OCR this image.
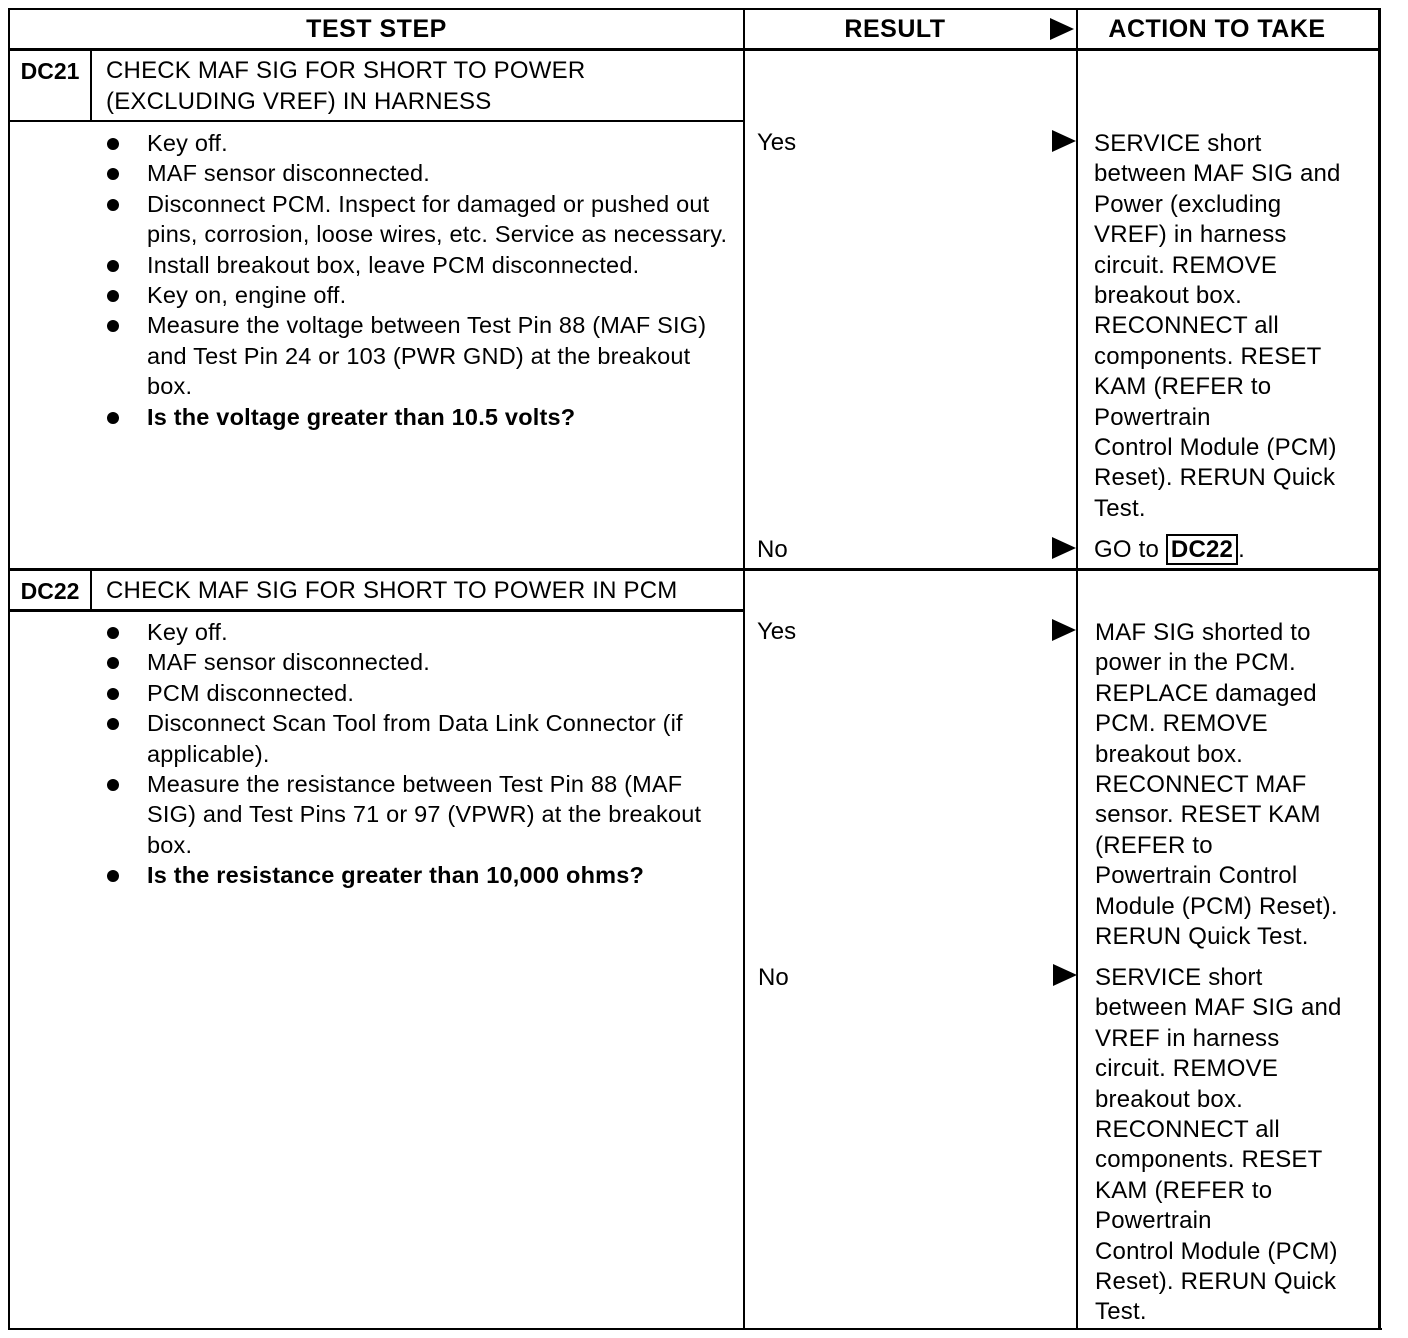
TEST STEP	RESULT	ACTION TO TAKE
DC21	CHECK MAF SIG FOR SHORT TO POWER
(EXCLUDING VREF) IN HARNESS
Key off.
MAF sensor disconnected.
Disconnect PCM. Inspect for damaged or pushed out pins, corrosion, loose wires, etc. Service as necessary.
Install breakout box, leave PCM disconnected.
Key on, engine off.
Measure the voltage between Test Pin 88 (MAF SIG) and Test Pin 24 or 103 (PWR GND) at the breakout box.
Is the voltage greater than 10.5 volts?
Yes	SERVICE short
between MAF SIG and
Power (excluding
VREF) in harness
circuit. REMOVE
breakout box.
RECONNECT all
components. RESET
KAM (REFER to
Powertrain
Control Module (PCM)
Reset). RERUN Quick
Test.
No	GO to DC22 .
DC22	CHECK MAF SIG FOR SHORT TO POWER IN PCM
Key off.
MAF sensor disconnected.
PCM disconnected.
Disconnect Scan Tool from Data Link Connector (if applicable).
Measure the resistance between Test Pin 88 (MAF SIG) and Test Pins 71 or 97 (VPWR) at the breakout box.
Is the resistance greater than 10,000 ohms?
Yes	MAF SIG shorted to
power in the PCM.
REPLACE damaged
PCM. REMOVE
breakout box.
RECONNECT MAF
sensor. RESET KAM
(REFER to
Powertrain Control
Module (PCM) Reset).
RERUN Quick Test.
No	SERVICE short
between MAF SIG and
VREF in harness
circuit. REMOVE
breakout box.
RECONNECT all
components. RESET
KAM (REFER to
Powertrain
Control Module (PCM)
Reset). RERUN Quick
Test.
